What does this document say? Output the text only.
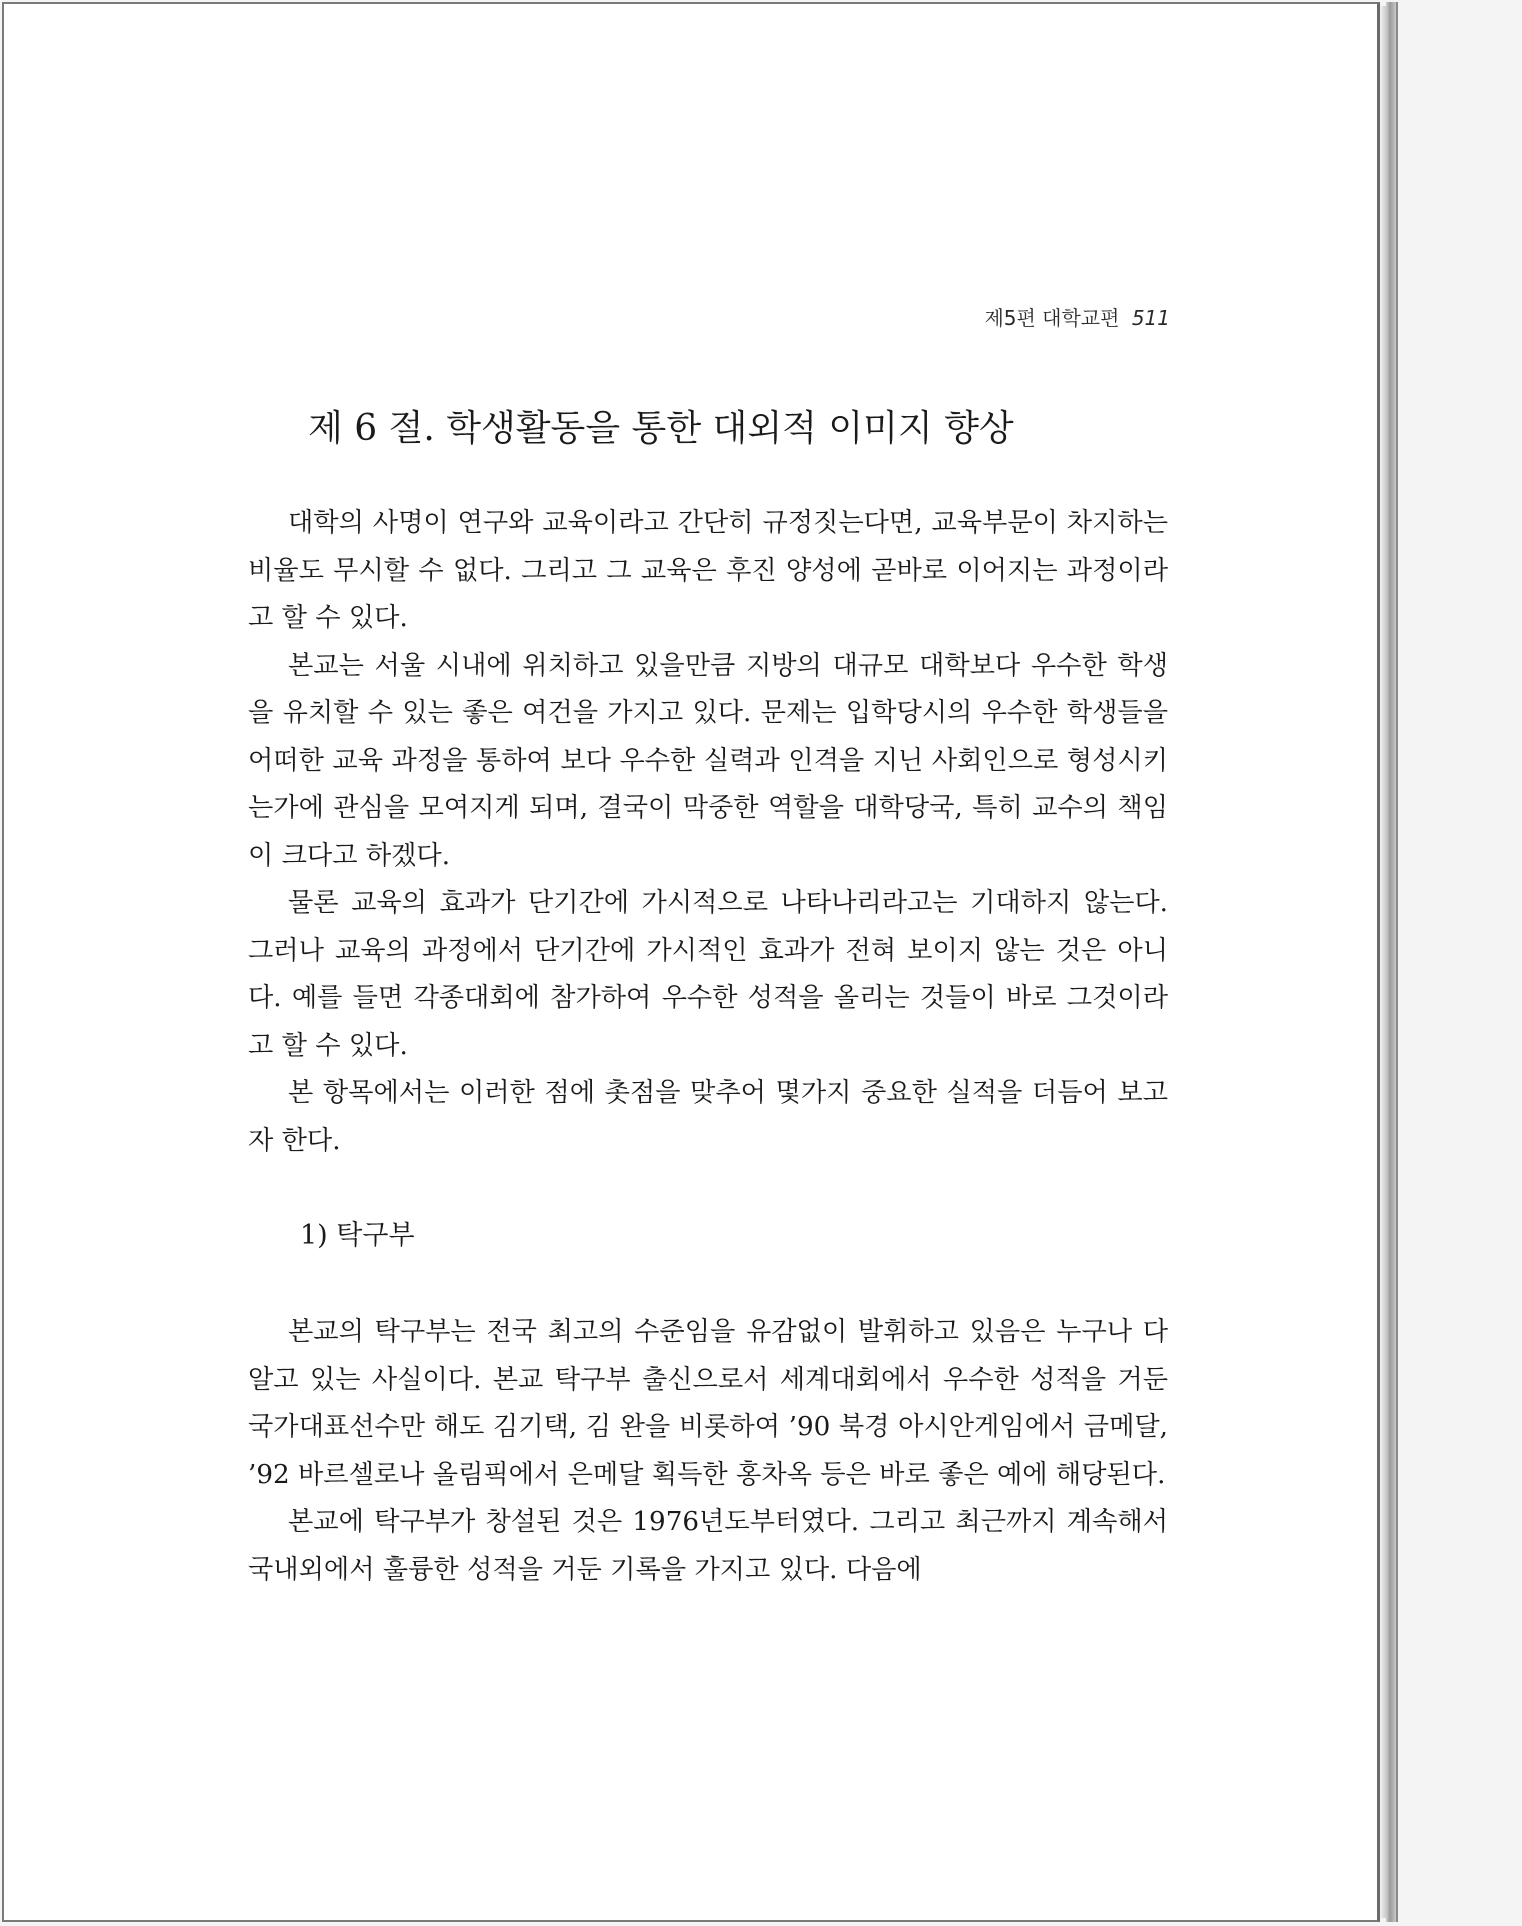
제5편 대학교편 511
제 6 절. 학생활동을 통한 대외적 이미지 향상

대학의 사명이 연구와 교육이라고 간단히 규정짓는다면, 교육부문이 차지하는 비율도 무시할 수 없다. 그리고 그 교육은 후진 양성에 곧바로 이어지는 과정이라고 할 수 있다.

본교는 서울 시내에 위치하고 있을만큼 지방의 대규모 대학보다 우수한 학생을 유치할 수 있는 좋은 여건을 가지고 있다. 문제는 입학당시의 우수한 학생들을 어떠한 교육 과정을 통하여 보다 우수한 실력과 인격을 지닌 사회인으로 형성시키는가에 관심을 모여지게 되며, 결국이 막중한 역할을 대학당국, 특히 교수의 책임이 크다고 하겠다.

물론 교육의 효과가 단기간에 가시적으로 나타나리라고는 기대하지 않는다. 그러나 교육의 과정에서 단기간에 가시적인 효과가 전혀 보이지 않는 것은 아니다. 예를 들면 각종대회에 참가하여 우수한 성적을 올리는 것들이 바로 그것이라고 할 수 있다.

본 항목에서는 이러한 점에 촛점을 맞추어 몇가지 중요한 실적을 더듬어 보고자 한다.

1) 탁구부

본교의 탁구부는 전국 최고의 수준임을 유감없이 발휘하고 있음은 누구나 다 알고 있는 사실이다. 본교 탁구부 출신으로서 세계대회에서 우수한 성적을 거둔 국가대표선수만 해도 김기택, 김 완을 비롯하여 ’90 북경 아시안게임에서 금메달, ’92 바르셀로나 올림픽에서 은메달 획득한 홍차옥 등은 바로 좋은 예에 해당된다.

본교에 탁구부가 창설된 것은 1976년도부터였다. 그리고 최근까지 계속해서 국내외에서 훌륭한 성적을 거둔 기록을 가지고 있다. 다음에
